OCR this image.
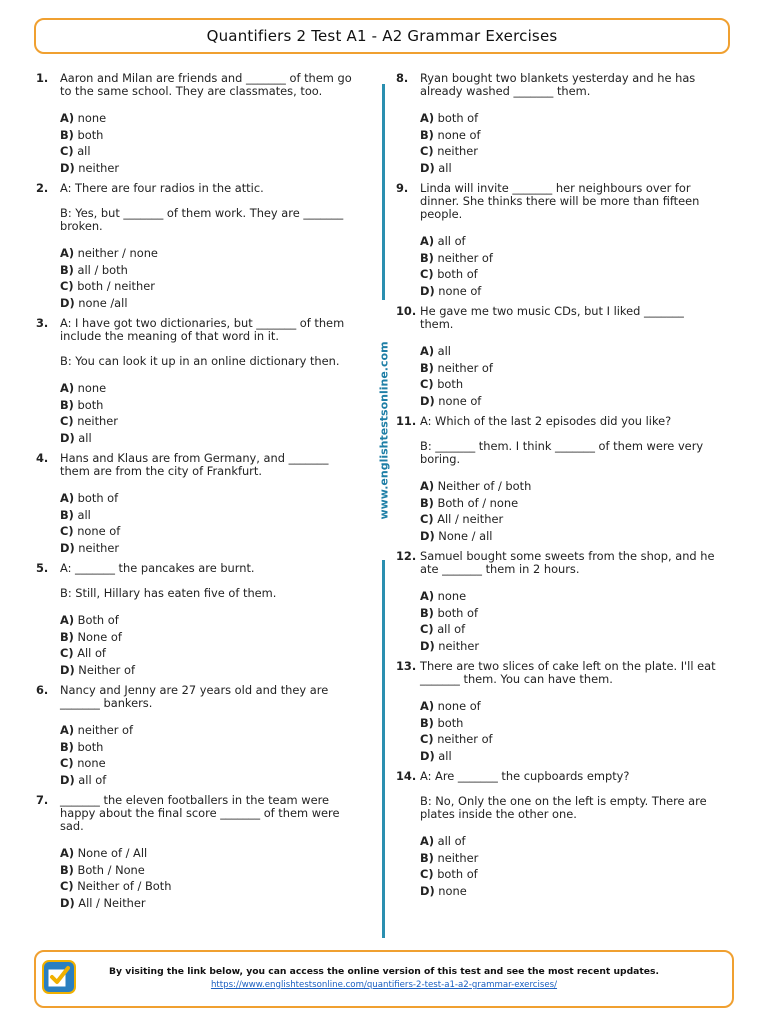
Quantifiers 2 Test A1 - A2 Grammar Exercises
1. Aaron and Milan are friends and _______ of them go to the same school. They are classmates, too.

A) none
B) both
C) all
D) neither
2. A: There are four radios in the attic.

B: Yes, but _______ of them work. They are _______ broken.

A) neither / none
B) all / both
C) both / neither
D) none /all
3. A: I have got two dictionaries, but _______ of them include the meaning of that word in it.

B: You can look it up in an online dictionary then.

A) none
B) both
C) neither
D) all
4. Hans and Klaus are from Germany, and _______ them are from the city of Frankfurt.

A) both of
B) all
C) none of
D) neither
5. A: _______ the pancakes are burnt.

B: Still, Hillary has eaten five of them.

A) Both of
B) None of
C) All of
D) Neither of
6. Nancy and Jenny are 27 years old and they are _______ bankers.

A) neither of
B) both
C) none
D) all of
7. _______ the eleven footballers in the team were happy about the final score _______ of them were sad.

A) None of / All
B) Both / None
C) Neither of / Both
D) All / Neither
www.englishtestsonline.com
8. Ryan bought two blankets yesterday and he has already washed _______ them.

A) both of
B) none of
C) neither
D) all
9. Linda will invite _______ her neighbours over for dinner. She thinks there will be more than fifteen people.

A) all of
B) neither of
C) both of
D) none of
10. He gave me two music CDs, but I liked _______ them.

A) all
B) neither of
C) both
D) none of
11. A: Which of the last 2 episodes did you like?

B: _______ them. I think _______ of them were very boring.

A) Neither of / both
B) Both of / none
C) All / neither
D) None / all
12. Samuel bought some sweets from the shop, and he ate _______ them in 2 hours.

A) none
B) both of
C) all of
D) neither
13. There are two slices of cake left on the plate. I'll eat _______ them. You can have them.

A) none of
B) both
C) neither of
D) all
14. A: Are _______ the cupboards empty?

B: No, Only the one on the left is empty. There are plates inside the other one.

A) all of
B) neither
C) both of
D) none
By visiting the link below, you can access the online version of this test and see the most recent updates.
https://www.englishtestsonline.com/quantifiers-2-test-a1-a2-grammar-exercises/
